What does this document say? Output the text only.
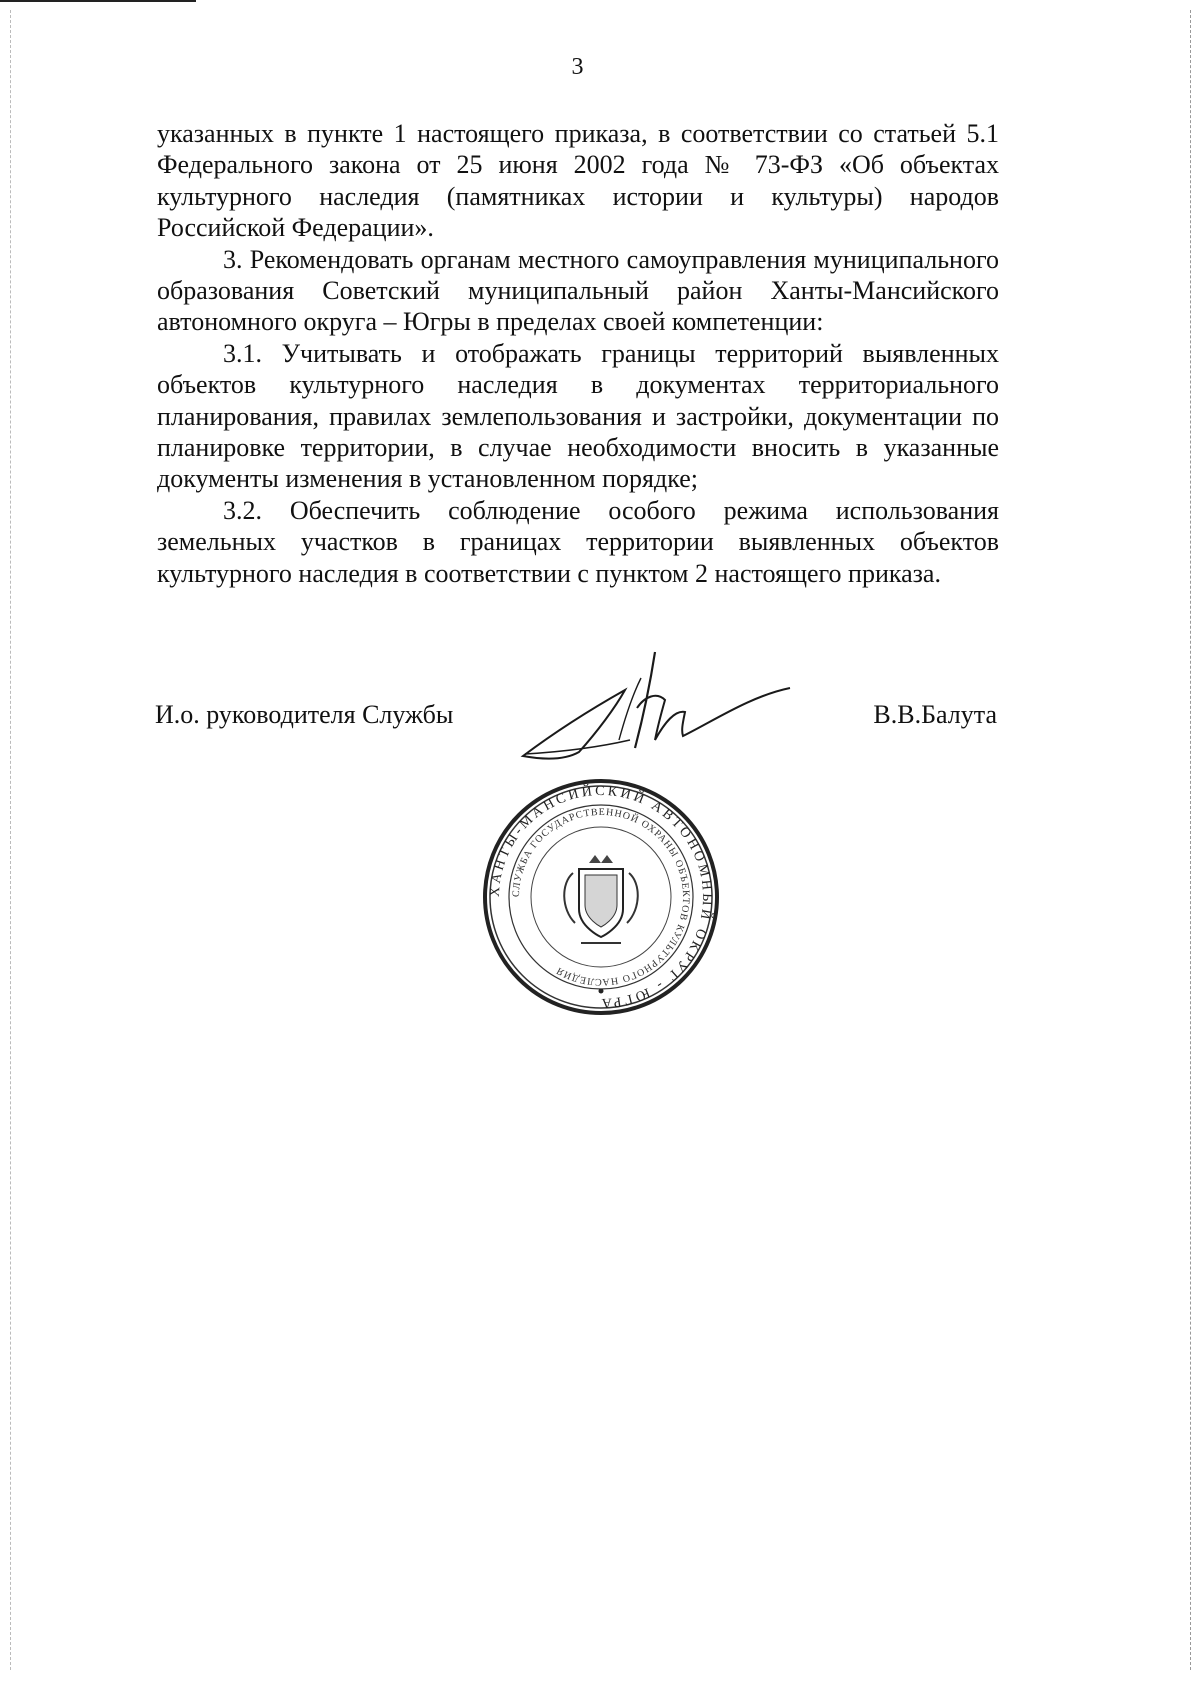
3

указанных в пункте 1 настоящего приказа, в соответствии со статьей 5.1 Федерального закона от 25 июня 2002 года № 73-ФЗ «Об объектах культурного наследия (памятниках истории и культуры) народов Российской Федерации».

3. Рекомендовать органам местного самоуправления муниципального образования Советский муниципальный район Ханты-Мансийского автономного округа – Югры в пределах своей компетенции:

3.1. Учитывать и отображать границы территорий выявленных объектов культурного наследия в документах территориального планирования, правилах землепользования и застройки, документации по планировке территории, в случае необходимости вносить в указанные документы изменения в установленном порядке;

3.2. Обеспечить соблюдение особого режима использования земельных участков в границах территории выявленных объектов культурного наследия в соответствии с пунктом 2 настоящего приказа.

И.о. руководителя Службы	В.В.Балута
ХАНТЫ-МАНСИЙСКИЙ АВТОНОМНЫЙ ОКРУГ - ЮГРА
СЛУЖБА ГОСУДАРСТВЕННОЙ ОХРАНЫ ОБЪЕКТОВ КУЛЬТУРНОГО НАСЛЕДИЯ
